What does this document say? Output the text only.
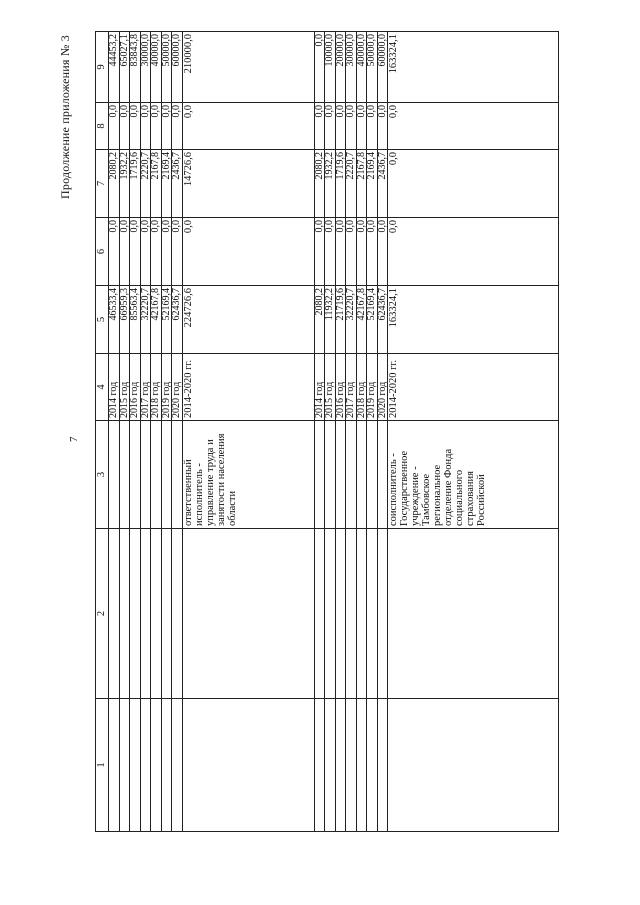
7
Продолжение приложения № 3
1	2	3	4	5	6	7	8	9
			2014 год	46533,4	0,0	2080,2	0,0	44453,2
			2015 год	66959,3	0,0	1932,2	0,0	65027,1
			2016 год	85563,4	0,0	1719,6	0,0	83843,8
			2017 год	32220,7	0,0	2220,7	0,0	30000,0
			2018 год	42167,8	0,0	2167,8	0,0	40000,0
			2019 год	52169,4	0,0	2169,4	0,0	50000,0
			2020 год	62436,7	0,0	2436,7	0,0	60000,0
		ответственный исполнитель - управление труда и занятости населения области	2014-2020 гг.	224726,6	0,0	14726,6	0,0	210000,0
			2014 год	2080,2	0,0	2080,2	0,0	0,0
			2015 год	11932,2	0,0	1932,2	0,0	10000,0
			2016 год	21719,6	0,0	1719,6	0,0	20000,0
			2017 год	32220,7	0,0	2220,7	0,0	30000,0
			2018 год	42167,8	0,0	2167,8	0,0	40000,0
			2019 год	52169,4	0,0	2169,4	0,0	50000,0
			2020 год	62436,7	0,0	2436,7	0,0	60000,0
		соисполнитель - Государственное учреждение - Тамбовское региональное отделение Фонда социального страхования Российской	2014-2020 гг.	163324,1	0,0	0,0	0,0	163324,1
